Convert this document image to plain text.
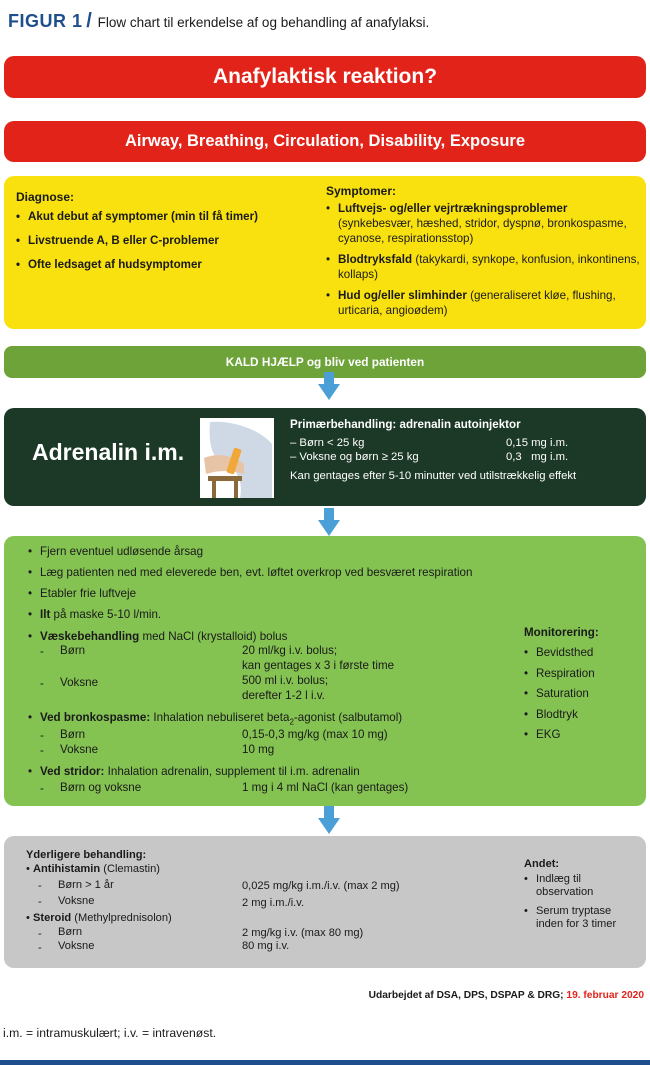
FIGUR 1 / Flow chart til erkendelse af og behandling af anafylaksi.
Anafylaktisk reaktion?
Airway, Breathing, Circulation, Disability, Exposure
Diagnose:
• Akut debut af symptomer (min til få timer)
• Livstruende A, B eller C-problemer
• Ofte ledsaget af hudsymptomer
Symptomer:
• Luftvejs- og/eller vejrtrækningsproblemer (synkebesvær, hæshed, stridor, dyspnø, bronkospasme, cyanose, respirationsstop)
• Blodtryksfald (takykardi, synkope, konfusion, inkontinens, kollaps)
• Hud og/eller slimhinder (generaliseret kløe, flushing, urticaria, angioødem)
KALD HJÆLP og bliv ved patienten
Adrenalin i.m.
Primærbehandling: adrenalin autoinjektor
– Børn < 25 kg	0,15 mg i.m.
– Voksne og børn ≥ 25 kg	0,3   mg i.m.
Kan gentages efter 5-10 minutter ved utilstrækkelig effekt
• Fjern eventuel udløsende årsag
• Læg patienten ned med eleverede ben, evt. løftet overkrop ved besværet respiration
• Etabler frie luftveje
• Ilt på maske 5-10 l/min.
• Væskebehandling med NaCl (krystalloid) bolus
- Børn	20 ml/kg i.v. bolus;
kan gentages x 3 i første time
- Voksne	500 ml i.v. bolus;
derefter 1-2 l i.v.
• Ved bronkospasme: Inhalation nebuliseret beta$_2$-agonist (salbutamol)
- Børn	0,15-0,3 mg/kg (max 10 mg)
- Voksne	10 mg
• Ved stridor: Inhalation adrenalin, supplement til i.m. adrenalin
- Børn og voksne	1 mg i 4 ml NaCl (kan gentages)
Monitorering:
• Bevidsthed
• Respiration
• Saturation
• Blodtryk
• EKG
Yderligere behandling:
• Antihistamin (Clemastin)
- Børn > 1 år	0,025 mg/kg i.m./i.v. (max 2 mg)
- Voksne	2 mg i.m./i.v.
• Steroid (Methylprednisolon)
- Børn	2 mg/kg i.v. (max 80 mg)
- Voksne	80 mg i.v.
Andet:
• Indlæg til observation
• Serum tryptase inden for 3 timer
Udarbejdet af DSA, DPS, DSPAP & DRG; 19. februar 2020
i.m. = intramuskulært; i.v. = intravenøst.
